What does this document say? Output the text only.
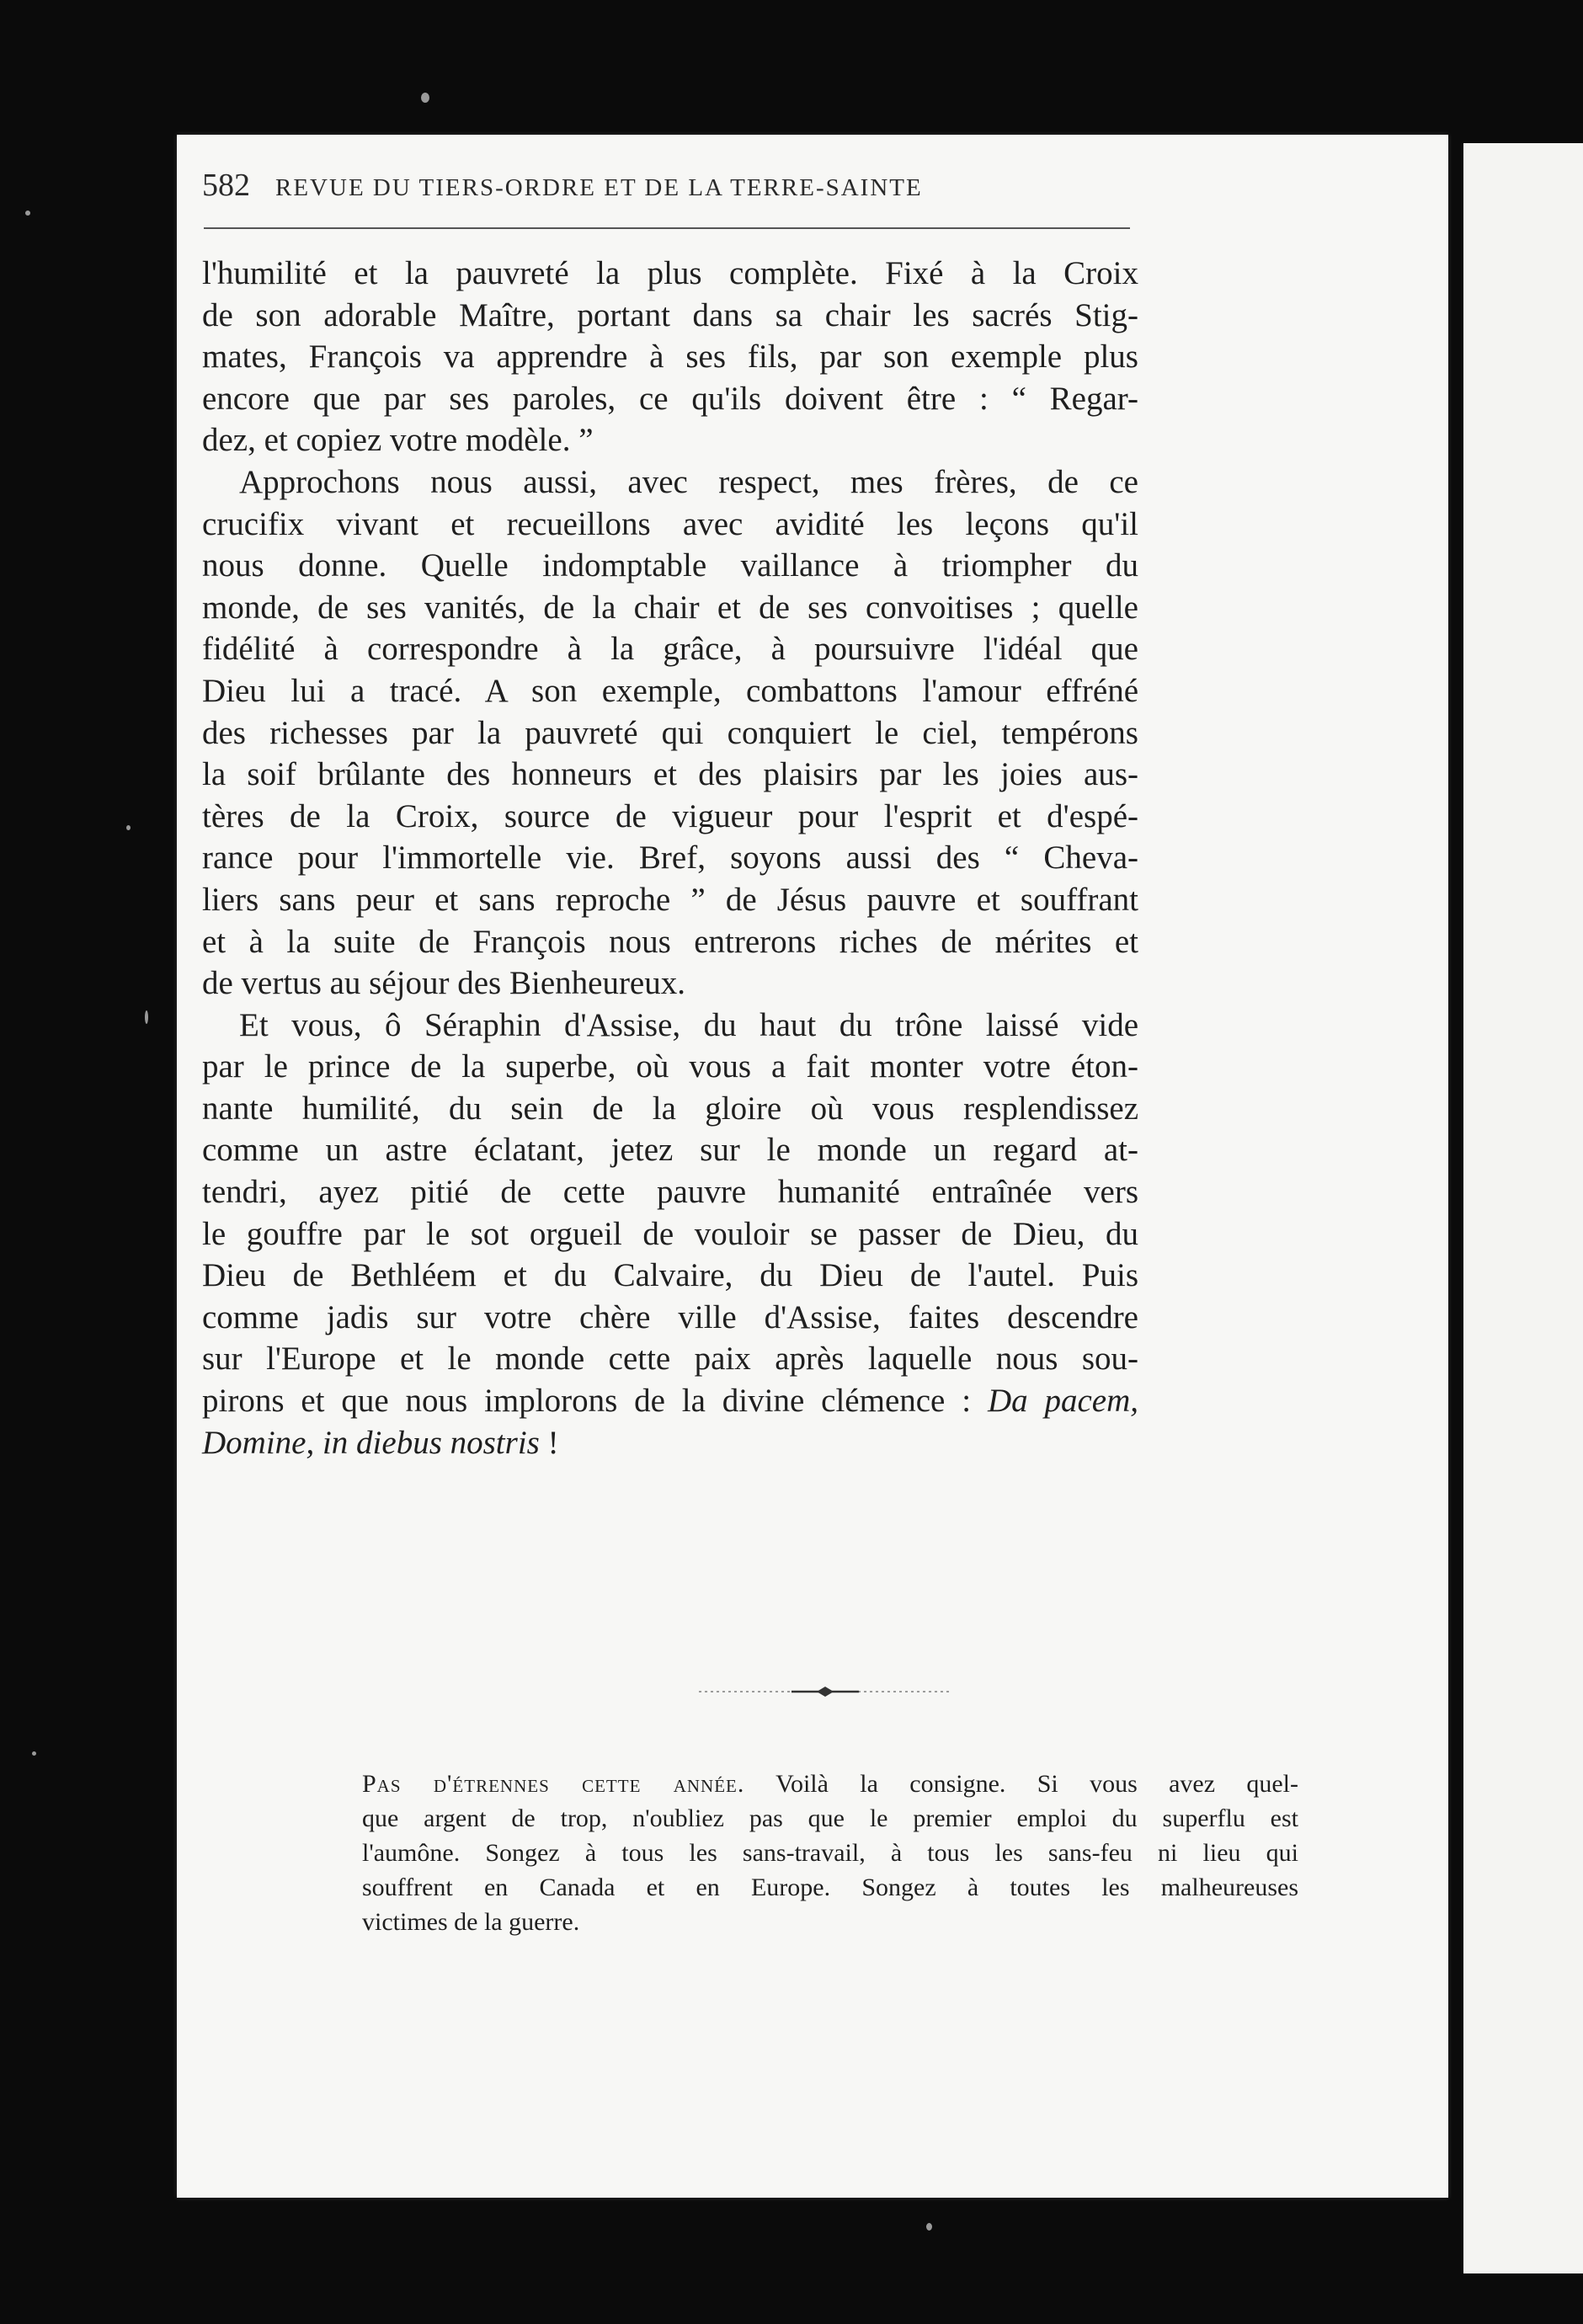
582 REVUE DU TIERS-ORDRE ET DE LA TERRE-SAINTE
l'humilité et la pauvreté la plus complète. Fixé à la Croix
de son adorable Maître, portant dans sa chair les sacrés Stig-
mates, François va apprendre à ses fils, par son exemple plus
encore que par ses paroles, ce qu'ils doivent être : “ Regar-
dez, et copiez votre modèle. ”
Approchons nous aussi, avec respect, mes frères, de ce
crucifix vivant et recueillons avec avidité les leçons qu'il
nous donne. Quelle indomptable vaillance à triompher du
monde, de ses vanités, de la chair et de ses convoitises ; quelle
fidélité à correspondre à la grâce, à poursuivre l'idéal que
Dieu lui a tracé. A son exemple, combattons l'amour effréné
des richesses par la pauvreté qui conquiert le ciel, tempérons
la soif brûlante des honneurs et des plaisirs par les joies aus-
tères de la Croix, source de vigueur pour l'esprit et d'espé-
rance pour l'immortelle vie. Bref, soyons aussi des “ Cheva-
liers sans peur et sans reproche ” de Jésus pauvre et souffrant
et à la suite de François nous entrerons riches de mérites et
de vertus au séjour des Bienheureux.
Et vous, ô Séraphin d'Assise, du haut du trône laissé vide
par le prince de la superbe, où vous a fait monter votre éton-
nante humilité, du sein de la gloire où vous resplendissez
comme un astre éclatant, jetez sur le monde un regard at-
tendri, ayez pitié de cette pauvre humanité entraînée vers
le gouffre par le sot orgueil de vouloir se passer de Dieu, du
Dieu de Bethléem et du Calvaire, du Dieu de l'autel. Puis
comme jadis sur votre chère ville d'Assise, faites descendre
sur l'Europe et le monde cette paix après laquelle nous sou-
pirons et que nous implorons de la divine clémence : Da pacem,
Domine, in diebus nostris !
Pas d'étrennes cette année. Voilà la consigne. Si vous avez quel-
que argent de trop, n'oubliez pas que le premier emploi du superflu est
l'aumône. Songez à tous les sans-travail, à tous les sans-feu ni lieu qui
souffrent en Canada et en Europe. Songez à toutes les malheureuses
victimes de la guerre.
